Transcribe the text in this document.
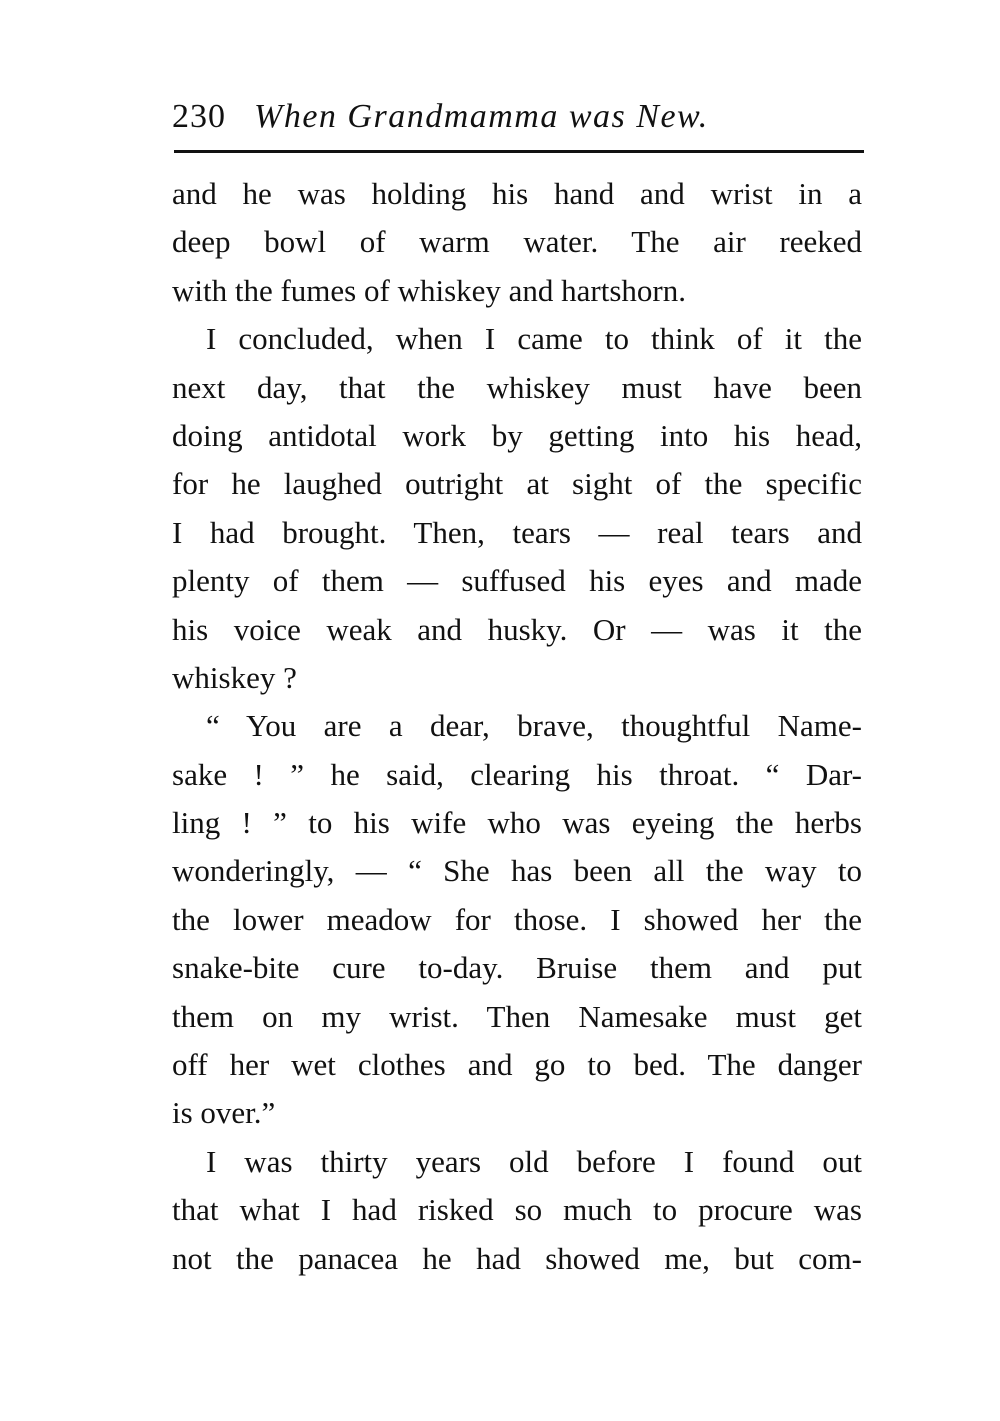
230 When Grandmamma was New.
and he was holding his hand and wrist in a
deep bowl of warm water. The air reeked
with the fumes of whiskey and hartshorn.
I concluded, when I came to think of it the
next day, that the whiskey must have been
doing antidotal work by getting into his head,
for he laughed outright at sight of the specific
I had brought. Then, tears — real tears and
plenty of them — suffused his eyes and made
his voice weak and husky. Or — was it the
whiskey ?
“ You are a dear, brave, thoughtful Name-
sake ! ” he said, clearing his throat. “ Dar-
ling ! ” to his wife who was eyeing the herbs
wonderingly, — “ She has been all the way to
the lower meadow for those. I showed her the
snake-bite cure to-day. Bruise them and put
them on my wrist. Then Namesake must get
off her wet clothes and go to bed. The danger
is over.”
I was thirty years old before I found out
that what I had risked so much to procure was
not the panacea he had showed me, but com-
